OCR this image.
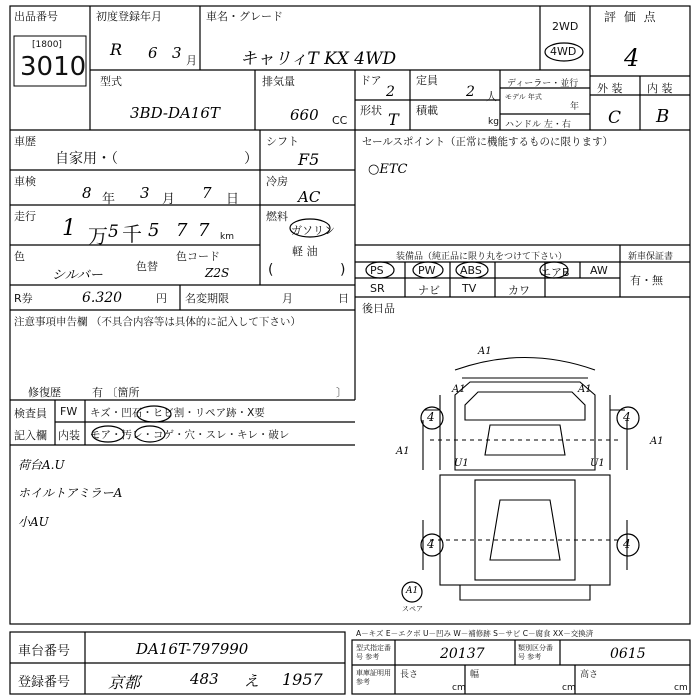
出品番号
[1800]
3010
初度登録年月
R 6 3 月
車名・グレード
キャリィT KX 4WD
2WD
4WD
評 価 点
4
型式
3BD-DA16T
排気量
660 CC
ドア
2
定員
2 人
形状 T 積載
kg
ディーラー・並行
モデル 年式
年
ハンドル 左・右
外 装 内 装
C B
車歴
自家用・（	）
シフト
F5
車検
8 年 3 月 7 日
冷房
AC
走行 1 万 5 千 5 7 7 km
燃料
ガソリン
軽 油
(	)
色
シルバー
色替
色コード
Z2S
R券	6.320	円 名変期限	月	日
注意事項申告欄 （不具合内容等は具体的に記入して下さい）
修復歴	有 〔箇所	〕
検査員
記入欄
FW キズ・凹石・ヒビ割・リペア跡・X要
内装 モア・汚レ・コゲ・穴・スレ・キレ・破レ
荷台A.U
ホイルトアミラーA
小AU
セールスポイント（正常に機能するものに限ります）
○ETC
装備品（純正品に限り丸をつけて下さい）	新車保証書
PS	PW ABS	エアB AW
SR	ナビ TV	カワ
有・無
後日品
A1
A1	A1
A1
U1	U1
A1
4	4
4	4
A1
スペア
A－キズ E－エクボ U－凹み W－補修跡 S－サビ C－腐食 XX－交換済
車台番号	DA16T-797990
登録番号 京都	483 え 1957
型式指定番号 参考	20137	類別区分番号 参考	0615
車庫証明用 参考
長さ
cm
幅
cm
高さ
cm
